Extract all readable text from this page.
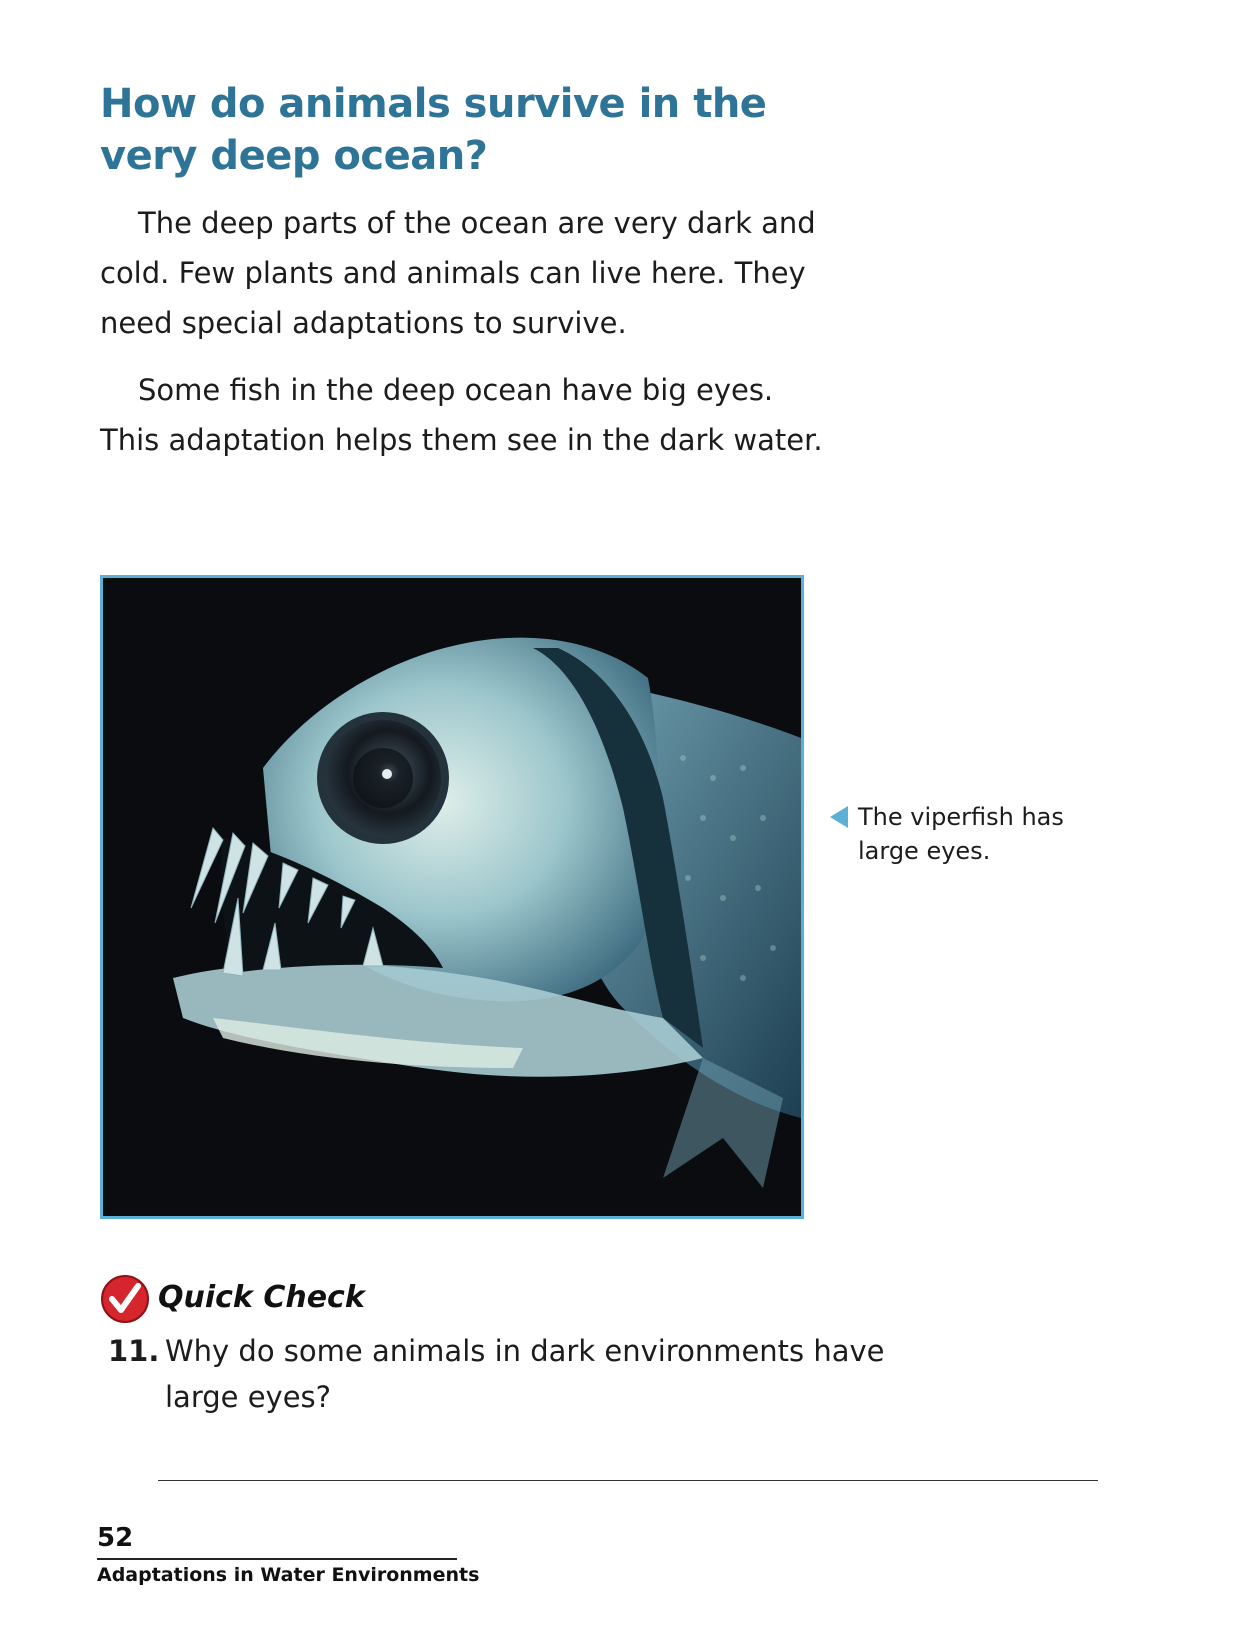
How do animals survive in the very deep ocean?

The deep parts of the ocean are very dark and cold. Few plants and animals can live here. They need special adaptations to survive.

Some fish in the deep ocean have big eyes. This adaptation helps them see in the dark water.

The viperfish has large eyes.

Quick Check

11. Why do some animals in dark environments have large eyes?

52
Adaptations in Water Environments
